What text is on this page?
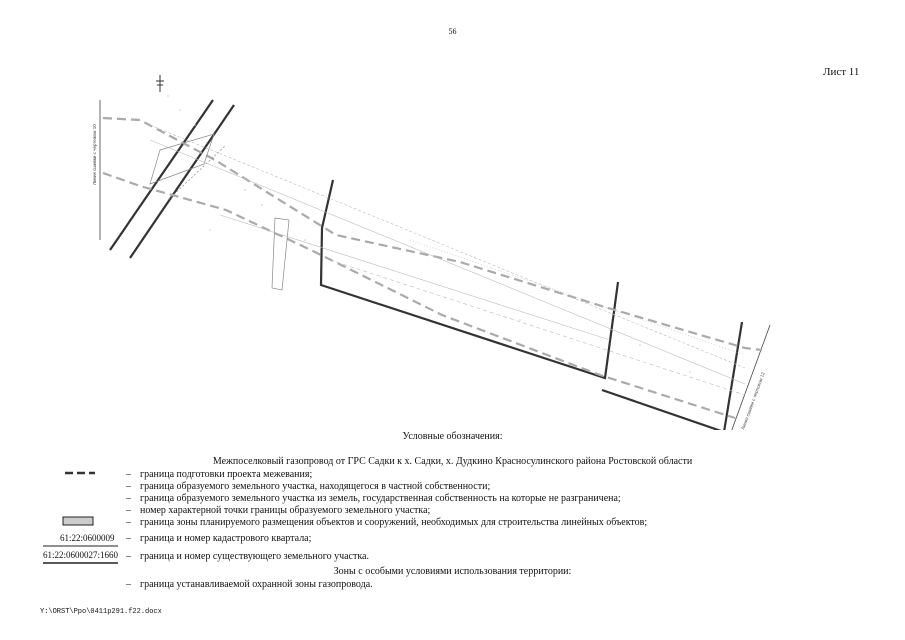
56
Лист 11
Линия сшивки с чертежом 10
Линия сшивки с чертежом 12
Условные обозначения:
Межпоселковый газопровод от ГРС Садки к х. Садки, х. Дудкино Красносулинского района Ростовской области
61:22:0600009
61:22:0600027:1660
– граница подготовки проекта межевания;
– граница образуемого земельного участка, находящегося в частной собственности;
– граница образуемого земельного участка из земель, государственная собственность на которые не разграничена;
– номер характерной точки границы образуемого земельного участка;
– граница зоны планируемого размещения объектов и сооружений, необходимых для строительства линейных объектов;
– граница и номер кадастрового квартала;
– граница и номер существующего земельного участка.
Зоны с особыми условиями использования территории:
– граница устанавливаемой охранной зоны газопровода.
Y:\ORST\Ppo\0411p291.f22.docx
